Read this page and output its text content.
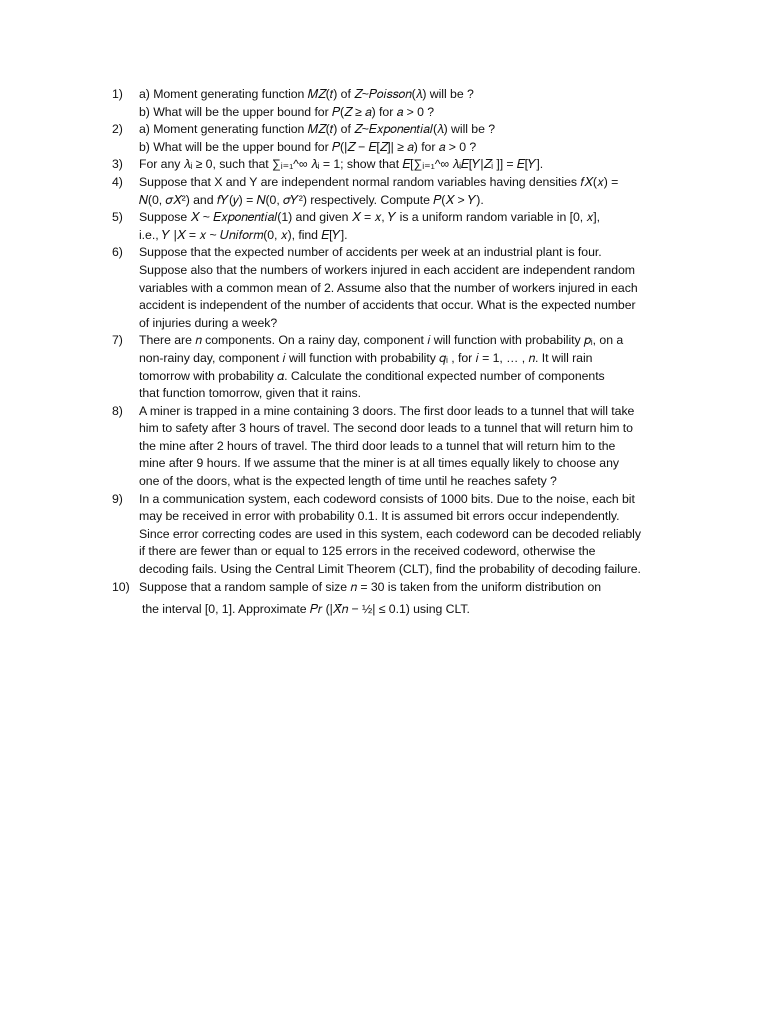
1)	a) Moment generating function 𝑀𝑍(𝑡) of 𝑍~𝑃𝑜𝑖𝑠𝑠𝑜𝑛(𝜆) will be ?
b) What will be the upper bound for 𝑃(𝑍 ≥ 𝑎) for 𝑎 > 0 ?
2)	a) Moment generating function 𝑀𝑍(𝑡) of 𝑍~𝐸𝑥𝑝𝑜𝑛𝑒𝑛𝑡𝑖𝑎𝑙(𝜆) will be ?
b) What will be the upper bound for 𝑃(|𝑍 − 𝐸[𝑍]| ≥ 𝑎) for 𝑎 > 0 ?
3)	For any 𝜆ᵢ ≥ 0, such that ∑ᵢ₌₁^∞ 𝜆ᵢ = 1; show that 𝐸[∑ᵢ₌₁^∞ 𝜆ᵢ𝐸[𝑌|𝑍ᵢ ]] = 𝐸[𝑌].
4)	Suppose that X and Y are independent normal random variables having densities 𝑓𝑋(𝑥) =
𝑁(0, 𝜎𝑋²) and 𝑓𝑌(𝑦) = 𝑁(0, 𝜎𝑌²) respectively. Compute 𝑃(𝑋 > 𝑌).
5)	Suppose 𝑋 ~ 𝐸𝑥𝑝𝑜𝑛𝑒𝑛𝑡𝑖𝑎𝑙(1) and given 𝑋 = 𝑥, 𝑌 is a uniform random variable in [0, 𝑥],
i.e., 𝑌 |𝑋 = 𝑥 ~ 𝑈𝑛𝑖𝑓𝑜𝑟𝑚(0, 𝑥), find 𝐸[𝑌].
6)	Suppose that the expected number of accidents per week at an industrial plant is four.
Suppose also that the numbers of workers injured in each accident are independent random
variables with a common mean of 2. Assume also that the number of workers injured in each
accident is independent of the number of accidents that occur. What is the expected number
of injuries during a week?
7)	There are 𝑛 components. On a rainy day, component 𝑖 will function with probability 𝑝ᵢ, on a
non-rainy day, component 𝑖 will function with probability 𝑞ᵢ , for 𝑖 = 1, … , 𝑛. It will rain
tomorrow with probability 𝛼. Calculate the conditional expected number of components
that function tomorrow, given that it rains.
8)	A miner is trapped in a mine containing 3 doors. The first door leads to a tunnel that will take
him to safety after 3 hours of travel. The second door leads to a tunnel that will return him to
the mine after 2 hours of travel. The third door leads to a tunnel that will return him to the
mine after 9 hours. If we assume that the miner is at all times equally likely to choose any
one of the doors, what is the expected length of time until he reaches safety ?
9)	In a communication system, each codeword consists of 1000 bits. Due to the noise, each bit
may be received in error with probability 0.1. It is assumed bit errors occur independently.
Since error correcting codes are used in this system, each codeword can be decoded reliably
if there are fewer than or equal to 125 errors in the received codeword, otherwise the
decoding fails. Using the Central Limit Theorem (CLT), find the probability of decoding failure.
10) Suppose that a random sample of size 𝑛 = 30 is taken from the uniform distribution on
the interval [0, 1]. Approximate 𝑃𝑟 (|𝑋̄𝑛 − ½| ≤ 0.1) using CLT.
